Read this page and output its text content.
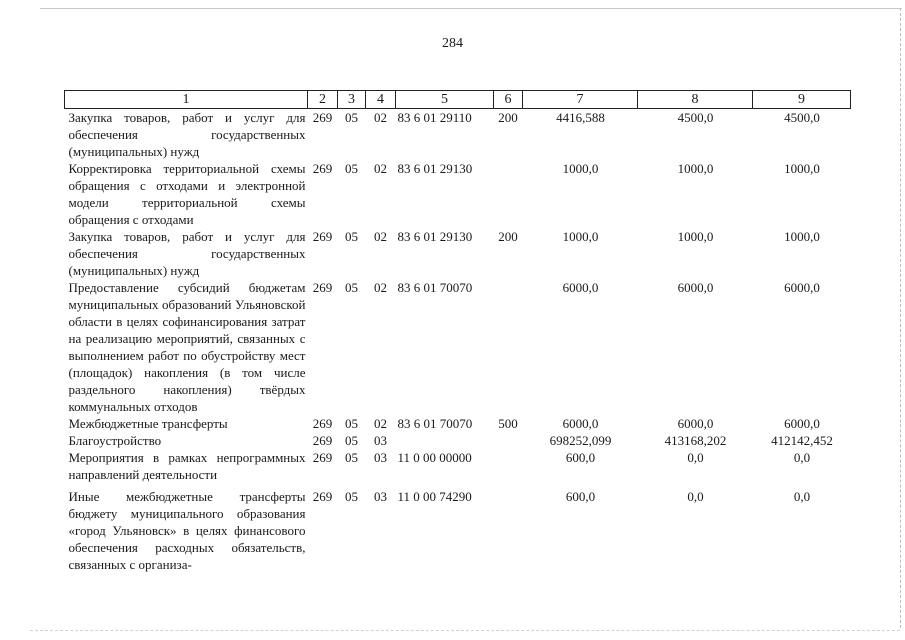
284
1	2	3	4	5	6	7	8	9
Закупка товаров, работ и услуг для обеспечения государственных (муниципальных) нужд	269	05	02	83 6 01 29110	200	4416,588	4500,0	4500,0
Корректировка территориальной схемы обращения с отходами и электронной модели территориальной схемы обращения с отходами	269	05	02	83 6 01 29130		1000,0	1000,0	1000,0
Закупка товаров, работ и услуг для обеспечения государственных (муниципальных) нужд	269	05	02	83 6 01 29130	200	1000,0	1000,0	1000,0
Предоставление субсидий бюджетам муниципальных образований Ульяновской области в целях софинансирования затрат на реализацию мероприятий, связанных с выполнением работ по обустройству мест (площадок) накопления (в том числе раздельного накопления) твёрдых коммунальных отходов	269	05	02	83 6 01 70070		6000,0	6000,0	6000,0
Межбюджетные трансферты	269	05	02	83 6 01 70070	500	6000,0	6000,0	6000,0
Благоустройство	269	05	03			698252,099	413168,202	412142,452
Мероприятия в рамках непрограммных направлений деятельности	269	05	03	11 0 00 00000		600,0	0,0	0,0
Иные межбюджетные трансферты бюджету муниципального образования «город Ульяновск» в целях финансового обеспечения расходных обязательств, связанных с организа-	269	05	03	11 0 00 74290		600,0	0,0	0,0
